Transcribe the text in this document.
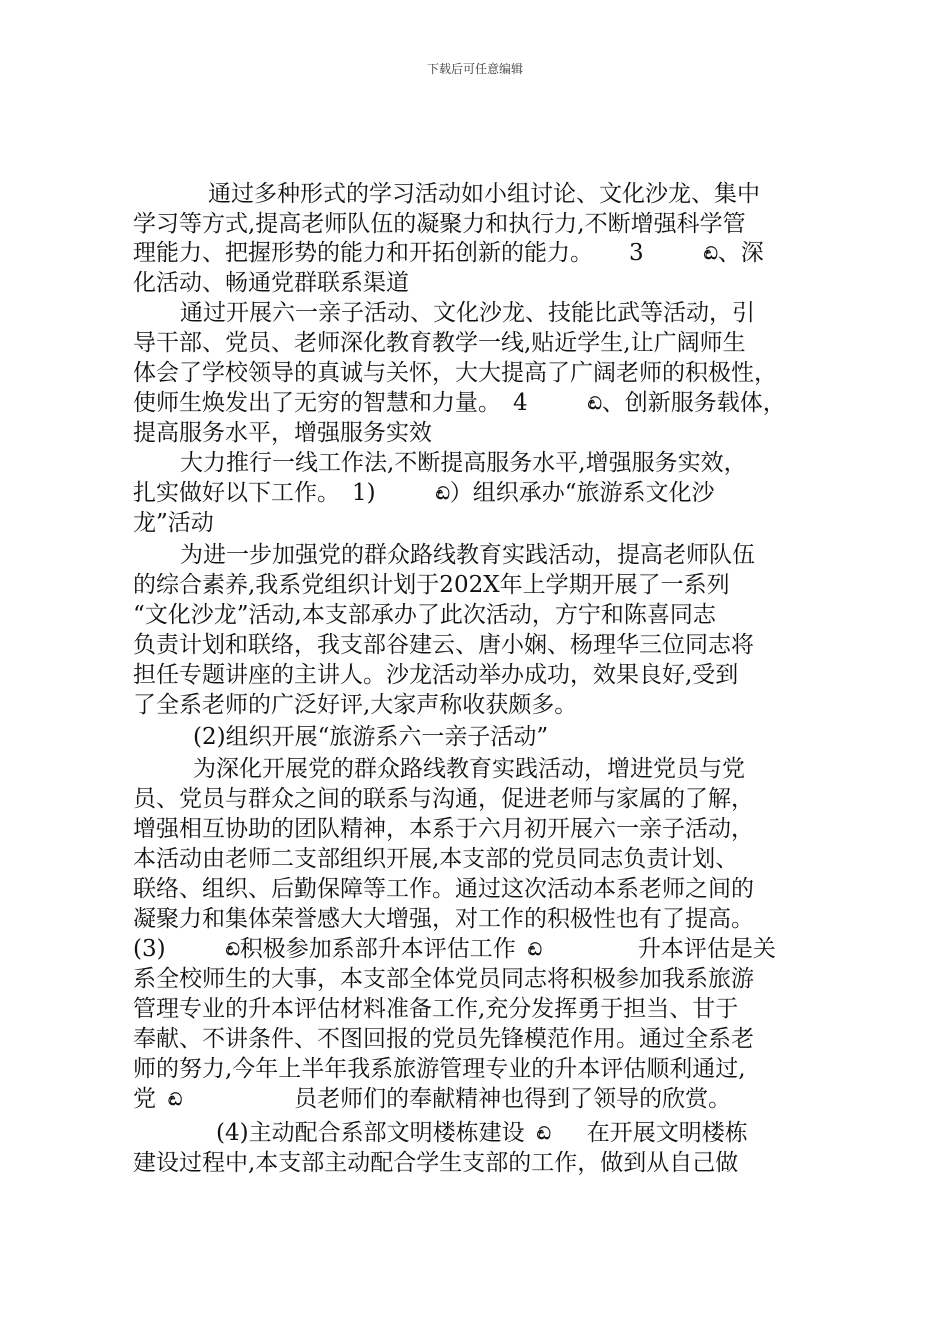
下载后可任意编辑
通过多种形式的学习活动如小组讨论、文化沙龙、集中
学习等方式,提高老师队伍的凝聚力和执行力,不断增强科学管
理能力、把握形势的能力和开拓创新的能力。 3	ඬ、深
化活动、畅通党群联系渠道
通过开展六一亲子活动、文化沙龙、技能比武等活动，引
导干部、党员、老师深化教育教学一线,贴近学生,让广阔师生
体会了学校领导的真诚与关怀，大大提高了广阔老师的积极性，
使师生焕发出了无穷的智慧和力量。 4	ඬ、创新服务载体，
提高服务水平，增强服务实效
大力推行一线工作法,不断提高服务水平,增强服务实效，
扎实做好以下工作。 1)	ඬ）组织承办“旅游系文化沙
龙”活动
为进一步加强党的群众路线教育实践活动，提高老师队伍
的综合素养,我系党组织计划于202X年上学期开展了一系列
“文化沙龙”活动,本支部承办了此次活动，方宁和陈喜同志
负责计划和联络，我支部谷建云、唐小娴、杨理华三位同志将
担任专题讲座的主讲人。沙龙活动举办成功，效果良好,受到
了全系老师的广泛好评,大家声称收获颇多。
(2)组织开展“旅游系六一亲子活动”
为深化开展党的群众路线教育实践活动，增进党员与党
员、党员与群众之间的联系与沟通，促进老师与家属的了解，
增强相互协助的团队精神，本系于六月初开展六一亲子活动，
本活动由老师二支部组织开展,本支部的党员同志负责计划、
联络、组织、后勤保障等工作。通过这次活动本系老师之间的
凝聚力和集体荣誉感大大增强，对工作的积极性也有了提高。
(3)	ඬ积极参加系部升本评估工作 ඬ	升本评估是关
系全校师生的大事，本支部全体党员同志将积极参加我系旅游
管理专业的升本评估材料准备工作,充分发挥勇于担当、甘于
奉献、不讲条件、不图回报的党员先锋模范作用。通过全系老
师的努力,今年上半年我系旅游管理专业的升本评估顺利通过,
党 ඬ	员老师们的奉献精神也得到了领导的欣赏。
(4)主动配合系部文明楼栋建设 ඬ 在开展文明楼栋
建设过程中,本支部主动配合学生支部的工作，做到从自己做
